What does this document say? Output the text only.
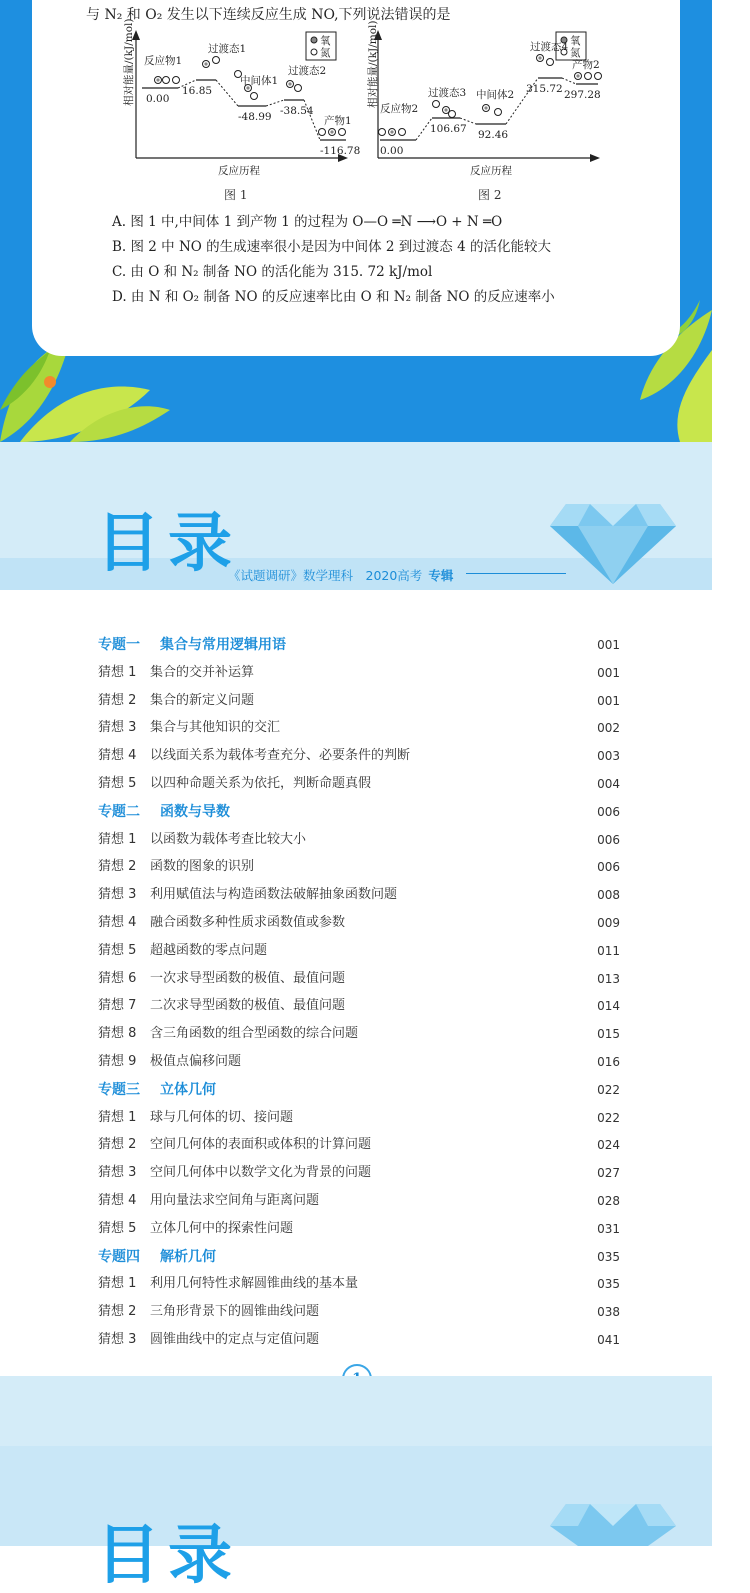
与 N₂ 和 O₂ 发生以下连续反应生成 NO,下列说法错误的是
氧
氮
相对能量/(kJ/mol) 反应物1
过渡态1
中间体1
过渡态2
产物1
0.00
16.85
-48.99 -38.54
-116.78
反应历程
图 1
氧
氮
相对能量/(kJ/mol)
反应物2
过渡态3 中间体2
过渡态4
产物2
0.00
106.67 92.46
315.72 297.28
反应历程
图 2
A. 图 1 中,中间体 1 到产物 1 的过程为 O—O ═N ⟶O + N ═O
B. 图 2 中 NO 的生成速率很小是因为中间体 2 到过渡态 4 的活化能较大
C. 由 O 和 N₂ 制备 NO 的活化能为 315. 72 kJ/mol
D. 由 N 和 O₂ 制备 NO 的反应速率比由 O 和 N₂ 制备 NO 的反应速率小
目录
《试题调研》数学理科　2020高考 专辑
专题一 集合与常用逻辑用语	001
猜想 1 集合的交并补运算	001
猜想 2 集合的新定义问题	001
猜想 3 集合与其他知识的交汇	002
猜想 4 以线面关系为载体考查充分、必要条件的判断	003
猜想 5 以四种命题关系为依托，判断命题真假	004
专题二 函数与导数	006
猜想 1 以函数为载体考查比较大小	006
猜想 2 函数的图象的识别	006
猜想 3 利用赋值法与构造函数法破解抽象函数问题	008
猜想 4 融合函数多种性质求函数值或参数	009
猜想 5 超越函数的零点问题	011
猜想 6 一次求导型函数的极值、最值问题	013
猜想 7 二次求导型函数的极值、最值问题	014
猜想 8 含三角函数的组合型函数的综合问题	015
猜想 9 极值点偏移问题	016
专题三 立体几何	022
猜想 1 球与几何体的切、接问题	022
猜想 2 空间几何体的表面积或体积的计算问题	024
猜想 3 空间几何体中以数学文化为背景的问题	027
猜想 4 用向量法求空间角与距离问题	028
猜想 5 立体几何中的探索性问题	031
专题四 解析几何	035
猜想 1 利用几何特性求解圆锥曲线的基本量	035
猜想 2 三角形背景下的圆锥曲线问题	038
猜想 3 圆锥曲线中的定点与定值问题	041
目录
